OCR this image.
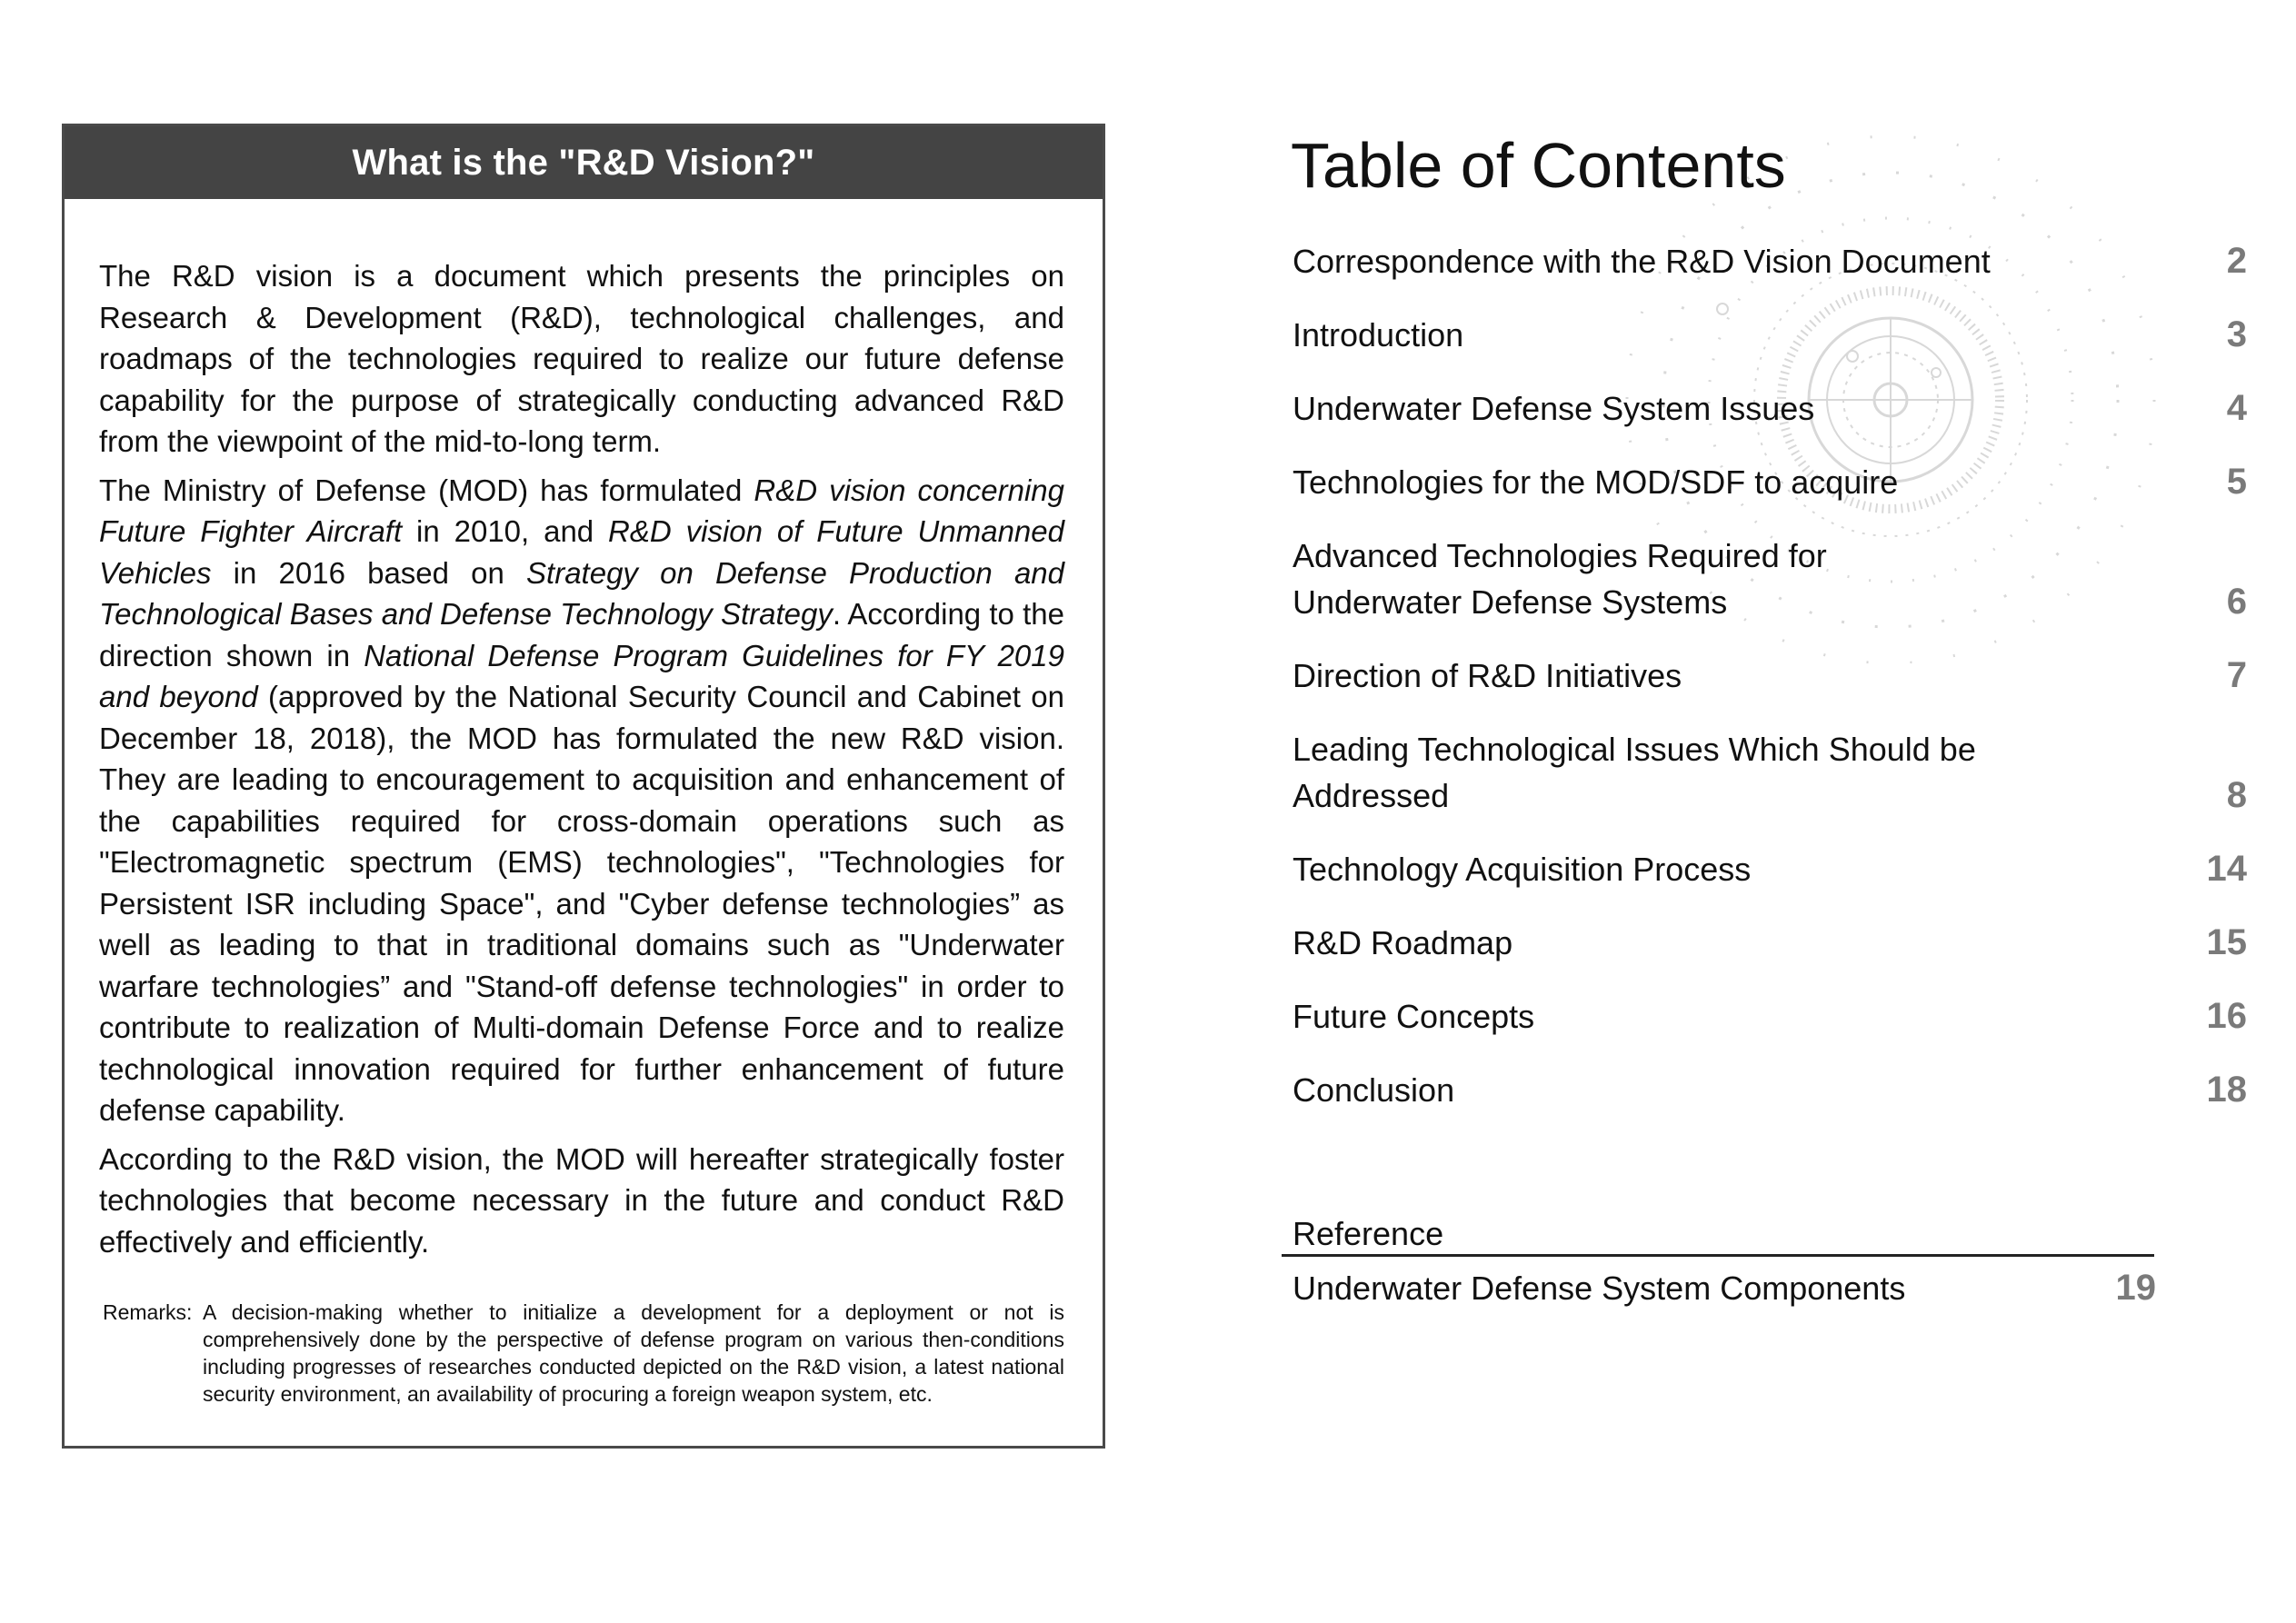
What is the "R&D Vision?"

The R&D vision is a document which presents the principles on Research & Development (R&D), technological challenges, and roadmaps of the technologies required to realize our future defense capability for the purpose of strategically conducting advanced R&D from the viewpoint of the mid-to-long term.

The Ministry of Defense (MOD) has formulated R&D vision concerning Future Fighter Aircraft in 2010, and R&D vision of Future Unmanned Vehicles in 2016 based on Strategy on Defense Production and Technological Bases and Defense Technology Strategy. According to the direction shown in National Defense Program Guidelines for FY 2019 and beyond (approved by the National Security Council and Cabinet on December 18, 2018), the MOD has formulated the new R&D vision. They are leading to encouragement to acquisition and enhancement of the capabilities required for cross-domain operations such as "Electromagnetic spectrum (EMS) technologies", "Technologies for Persistent ISR including Space", and "Cyber defense technologies” as well as leading to that in traditional domains such as "Underwater warfare technologies” and "Stand-off defense technologies" in order to contribute to realization of Multi-domain Defense Force and to realize technological innovation required for further enhancement of future defense capability.

According to the R&D vision, the MOD will hereafter strategically foster technologies that become necessary in the future and conduct R&D effectively and efficiently.

Remarks: A decision-making whether to initialize a development for a deployment or not is comprehensively done by the perspective of defense program on various then-conditions including progresses of researches conducted depicted on the R&D vision, a latest national security environment, an availability of procuring a foreign weapon system, etc.
Table of Contents
Correspondence with the R&D Vision Document	2
Introduction	3
Underwater Defense System Issues	4
Technologies for the MOD/SDF to acquire	5
Advanced Technologies Required for Underwater Defense Systems	6
Direction of R&D Initiatives	7
Leading Technological Issues Which Should be Addressed	8
Technology Acquisition Process	14
R&D Roadmap	15
Future Concepts	16
Conclusion	18
Reference
Underwater Defense System Components	19
